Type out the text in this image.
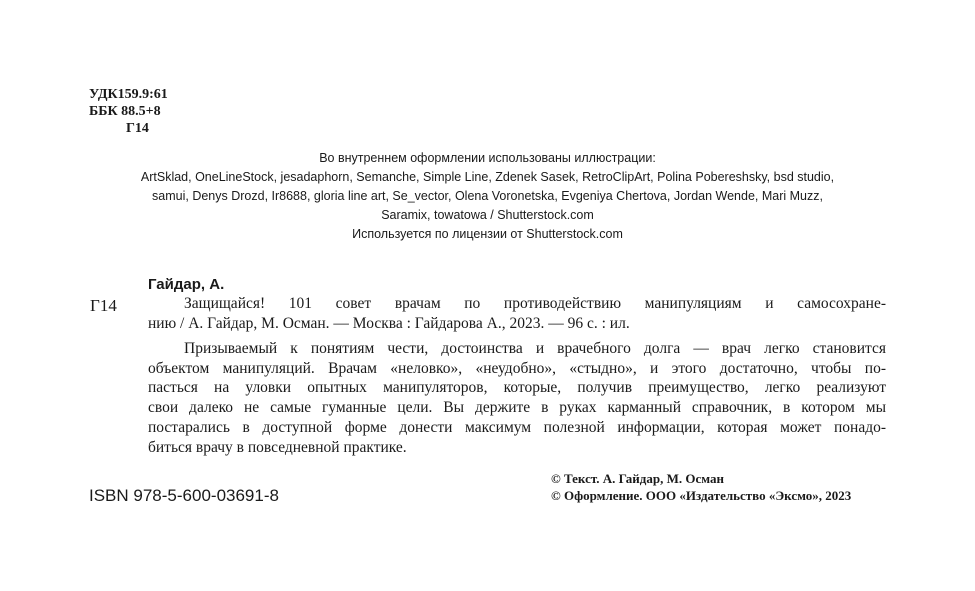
УДК159.9:61
ББК 88.5+8
Г14
Во внутреннем оформлении использованы иллюстрации:
ArtSklad, OneLineStock, jesadaphorn, Semanche, Simple Line, Zdenek Sasek, RetroClipArt, Polina Pobereshsky, bsd studio,
samui, Denys Drozd, Ir8688, gloria line art, Se_vector, Olena Voronetska, Evgeniya Chertova, Jordan Wende, Mari Muzz,
Saramix, towatowa / Shutterstock.com
Используется по лицензии от Shutterstock.com
Гайдар, А.
Г14	Защищайся! 101 совет врачам по противодействию манипуляциям и самосохране-
нию / А. Гайдар, М. Осман. — Москва : Гайдарова А., 2023. — 96 с. : ил.
Призываемый к понятиям чести, достоинства и врачебного долга — врач легко становится
объектом манипуляций. Врачам «неловко», «неудобно», «стыдно», и этого достаточно, чтобы по-
пасться на уловки опытных манипуляторов, которые, получив преимущество, легко реализуют
свои далеко не самые гуманные цели. Вы держите в руках карманный справочник, в котором мы
постарались в доступной форме донести максимум полезной информации, которая может понадо-
биться врачу в повседневной практике.
ISBN 978-5-600-03691-8
© Текст. А. Гайдар, М. Осман
© Оформление. ООО «Издательство «Эксмо», 2023
